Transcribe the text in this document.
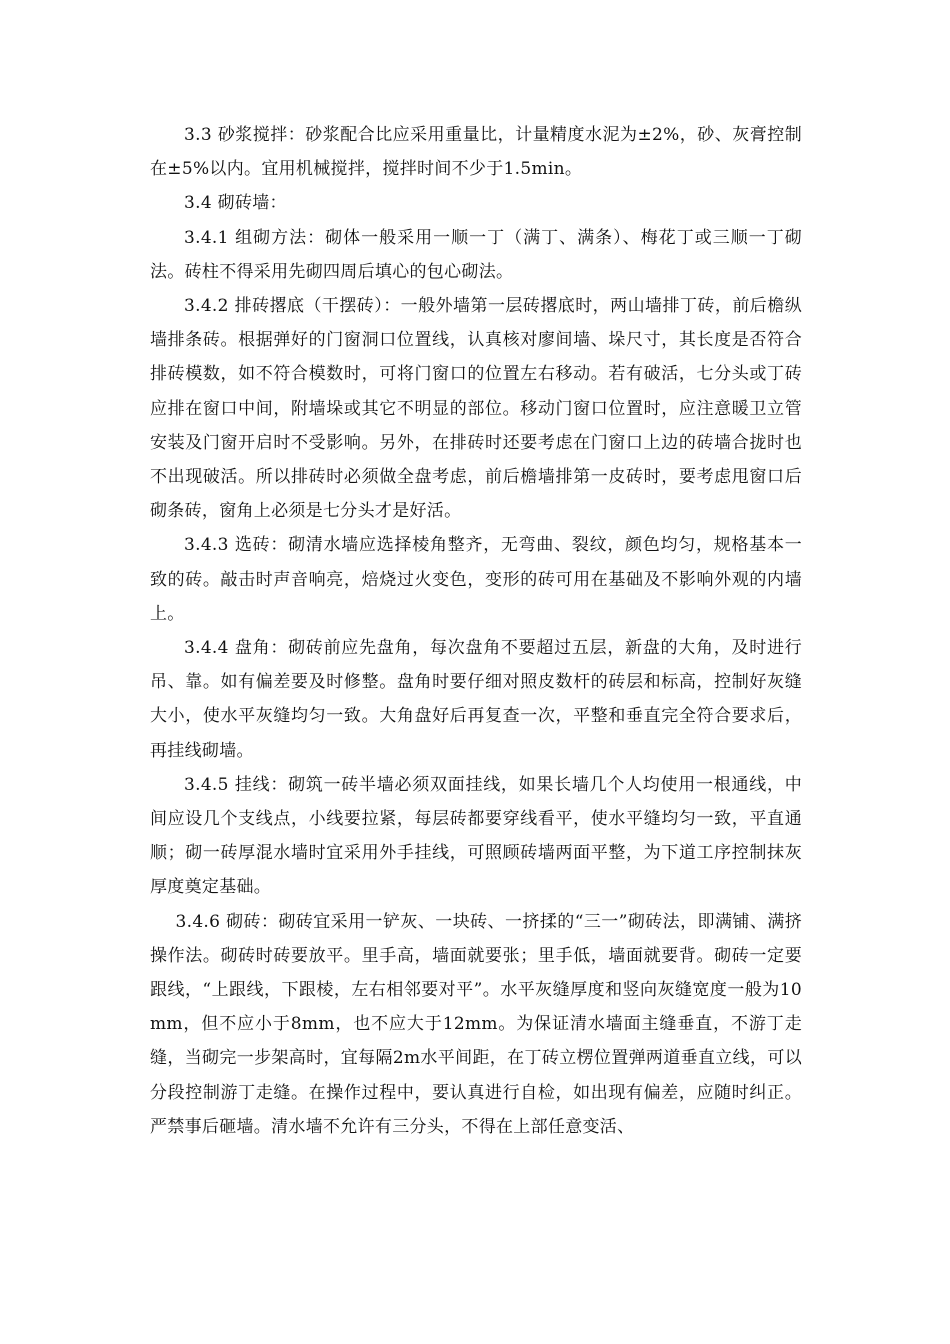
3.3 砂浆搅拌：砂浆配合比应采用重量比，计量精度水泥为±2%，砂、灰膏控制在±5%以内。宜用机械搅拌，搅拌时间不少于1.5min。

3.4 砌砖墙：

3.4.1 组砌方法：砌体一般采用一顺一丁（满丁、满条）、梅花丁或三顺一丁砌法。砖柱不得采用先砌四周后填心的包心砌法。

3.4.2 排砖撂底（干摆砖）：一般外墙第一层砖撂底时，两山墙排丁砖，前后檐纵墙排条砖。根据弹好的门窗洞口位置线，认真核对廖间墙、垛尺寸，其长度是否符合排砖模数，如不符合模数时，可将门窗口的位置左右移动。若有破活，七分头或丁砖应排在窗口中间，附墙垛或其它不明显的部位。移动门窗口位置时，应注意暖卫立管安装及门窗开启时不受影响。另外，在排砖时还要考虑在门窗口上边的砖墙合拢时也不出现破活。所以排砖时必须做全盘考虑，前后檐墙排第一皮砖时，要考虑甩窗口后砌条砖，窗角上必须是七分头才是好活。

3.4.3 选砖：砌清水墙应选择棱角整齐，无弯曲、裂纹，颜色均匀，规格基本一致的砖。敲击时声音响亮，焙烧过火变色，变形的砖可用在基础及不影响外观的内墙上。

3.4.4 盘角：砌砖前应先盘角，每次盘角不要超过五层，新盘的大角，及时进行吊、靠。如有偏差要及时修整。盘角时要仔细对照皮数杆的砖层和标高，控制好灰缝大小，使水平灰缝均匀一致。大角盘好后再复查一次，平整和垂直完全符合要求后，再挂线砌墙。

3.4.5 挂线：砌筑一砖半墙必须双面挂线，如果长墙几个人均使用一根通线，中间应设几个支线点，小线要拉紧，每层砖都要穿线看平，使水平缝均匀一致，平直通顺；砌一砖厚混水墙时宜采用外手挂线，可照顾砖墙两面平整，为下道工序控制抹灰厚度奠定基础。

3.4.6 砌砖：砌砖宜采用一铲灰、一块砖、一挤揉的“三一”砌砖法，即满铺、满挤操作法。砌砖时砖要放平。里手高，墙面就要张；里手低，墙面就要背。砌砖一定要跟线，“上跟线，下跟棱，左右相邻要对平”。水平灰缝厚度和竖向灰缝宽度一般为10mm，但不应小于8mm，也不应大于12mm。为保证清水墙面主缝垂直，不游丁走缝，当砌完一步架高时，宜每隔2m水平间距，在丁砖立楞位置弹两道垂直立线，可以分段控制游丁走缝。在操作过程中，要认真进行自检，如出现有偏差，应随时纠正。严禁事后砸墙。清水墙不允许有三分头，不得在上部任意变活、
